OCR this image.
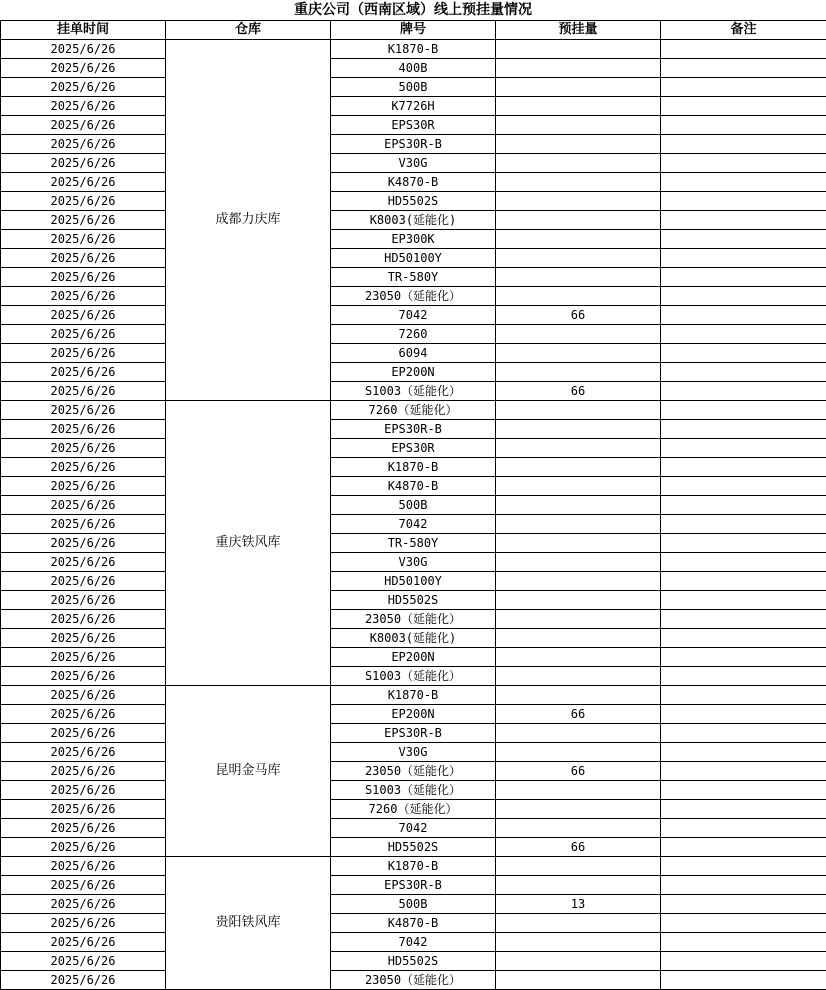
重庆公司（西南区域）线上预挂量情况
挂单时间	仓库	牌号	预挂量	备注
2025/6/26	成都力庆库	K1870-B		
2025/6/26		400B		
2025/6/26		500B		
2025/6/26		K7726H		
2025/6/26		EPS30R		
2025/6/26		EPS30R-B		
2025/6/26		V30G		
2025/6/26		K4870-B		
2025/6/26		HD5502S		
2025/6/26		K8003(延能化)		
2025/6/26		EP300K		
2025/6/26		HD50100Y		
2025/6/26		TR-580Y		
2025/6/26		23050（延能化）		
2025/6/26		7042	66	
2025/6/26		7260		
2025/6/26		6094		
2025/6/26		EP200N		
2025/6/26		S1003（延能化）	66	
2025/6/26	重庆铁风库	7260（延能化）		
2025/6/26		EPS30R-B		
2025/6/26		EPS30R		
2025/6/26		K1870-B		
2025/6/26		K4870-B		
2025/6/26		500B		
2025/6/26		7042		
2025/6/26		TR-580Y		
2025/6/26		V30G		
2025/6/26		HD50100Y		
2025/6/26		HD5502S		
2025/6/26		23050（延能化）		
2025/6/26		K8003(延能化)		
2025/6/26		EP200N		
2025/6/26		S1003（延能化）		
2025/6/26	昆明金马库	K1870-B		
2025/6/26		EP200N	66	
2025/6/26		EPS30R-B		
2025/6/26		V30G		
2025/6/26		23050（延能化）	66	
2025/6/26		S1003（延能化）		
2025/6/26		7260（延能化）		
2025/6/26		7042		
2025/6/26		HD5502S	66	
2025/6/26	贵阳铁风库	K1870-B		
2025/6/26		EPS30R-B		
2025/6/26		500B	13	
2025/6/26		K4870-B		
2025/6/26		7042		
2025/6/26		HD5502S		
2025/6/26		23050（延能化）		
